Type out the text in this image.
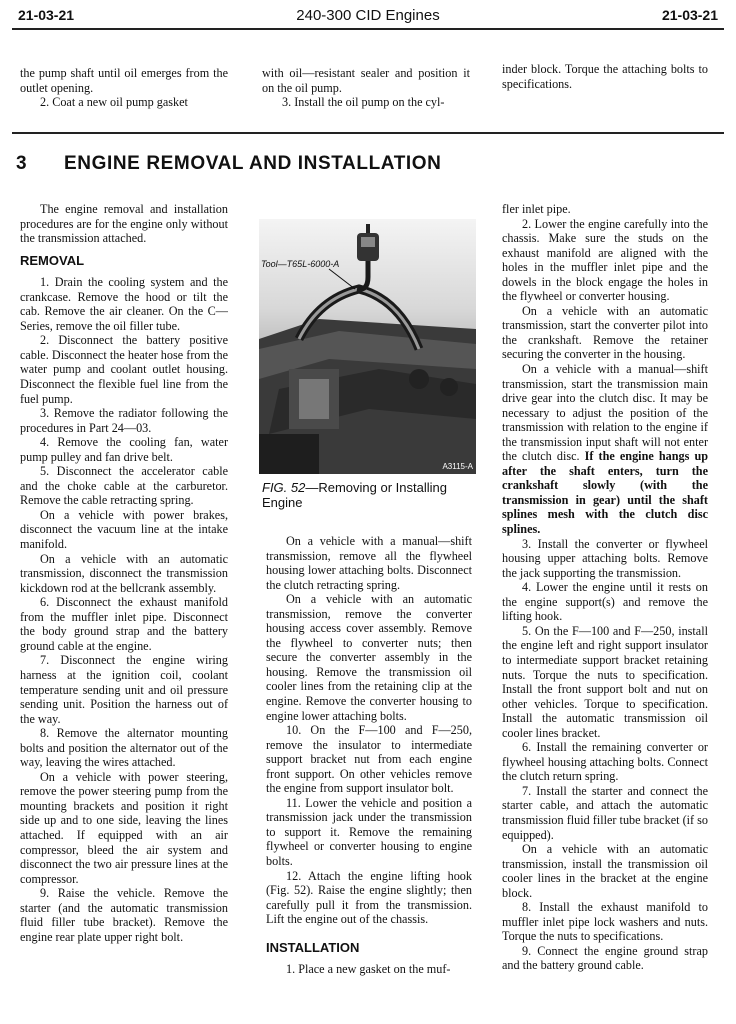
21-03-21	240-300 CID Engines	21-03-21

the pump shaft until oil emerges from the outlet opening.

2. Coat a new oil pump gasket

with oil—resistant sealer and position it on the oil pump.

3. Install the oil pump on the cyl-

inder block. Torque the attaching bolts to specifications.

3 ENGINE REMOVAL AND INSTALLATION

The engine removal and installation procedures are for the engine only without the transmission attached.

REMOVAL

1. Drain the cooling system and the crankcase. Remove the hood or tilt the cab. Remove the air cleaner. On the C—Series, remove the oil filler tube.

2. Disconnect the battery positive cable. Disconnect the heater hose from the water pump and coolant outlet housing. Disconnect the flexible fuel line from the fuel pump.

3. Remove the radiator following the procedures in Part 24—03.

4. Remove the cooling fan, water pump pulley and fan drive belt.

5. Disconnect the accelerator cable and the choke cable at the carburetor. Remove the cable retracting spring.

On a vehicle with power brakes, disconnect the vacuum line at the intake manifold.

On a vehicle with an automatic transmission, disconnect the transmission kickdown rod at the bellcrank assembly.

6. Disconnect the exhaust manifold from the muffler inlet pipe. Disconnect the body ground strap and the battery ground cable at the engine.

7. Disconnect the engine wiring harness at the ignition coil, coolant temperature sending unit and oil pressure sending unit. Position the harness out of the way.

8. Remove the alternator mounting bolts and position the alternator out of the way, leaving the wires attached.

On a vehicle with power steering, remove the power steering pump from the mounting brackets and position it right side up and to one side, leaving the lines attached. If equipped with an air compressor, bleed the air system and disconnect the two air pressure lines at the compressor.

9. Raise the vehicle. Remove the starter (and the automatic transmission fluid filler tube bracket). Remove the engine rear plate upper right bolt.

Tool—T65L-6000-A
A3115-A
FIG. 52—Removing or Installing Engine

On a vehicle with a manual—shift transmission, remove all the flywheel housing lower attaching bolts. Disconnect the clutch retracting spring.

On a vehicle with an automatic transmission, remove the converter housing access cover assembly. Remove the flywheel to converter nuts; then secure the converter assembly in the housing. Remove the transmission oil cooler lines from the retaining clip at the engine. Remove the converter housing to engine lower attaching bolts.

10. On the F—100 and F—250, remove the insulator to intermediate support bracket nut from each engine front support. On other vehicles remove the engine from support insulator bolt.

11. Lower the vehicle and position a transmission jack under the transmission to support it. Remove the remaining flywheel or converter housing to engine bolts.

12. Attach the engine lifting hook (Fig. 52). Raise the engine slightly; then carefully pull it from the transmission. Lift the engine out of the chassis.

INSTALLATION

1. Place a new gasket on the muf-

fler inlet pipe.

2. Lower the engine carefully into the chassis. Make sure the studs on the exhaust manifold are aligned with the holes in the muffler inlet pipe and the dowels in the block engage the holes in the flywheel or converter housing.

On a vehicle with an automatic transmission, start the converter pilot into the crankshaft. Remove the retainer securing the converter in the housing.

On a vehicle with a manual—shift transmission, start the transmission main drive gear into the clutch disc. It may be necessary to adjust the position of the transmission with relation to the engine if the transmission input shaft will not enter the clutch disc. If the engine hangs up after the shaft enters, turn the crankshaft slowly (with the transmission in gear) until the shaft splines mesh with the clutch disc splines.

3. Install the converter or flywheel housing upper attaching bolts. Remove the jack supporting the transmission.

4. Lower the engine until it rests on the engine support(s) and remove the lifting hook.

5. On the F—100 and F—250, install the engine left and right support insulator to intermediate support bracket retaining nuts. Torque the nuts to specification. Install the front support bolt and nut on other vehicles. Torque to specification. Install the automatic transmission oil cooler lines bracket.

6. Install the remaining converter or flywheel housing attaching bolts. Connect the clutch return spring.

7. Install the starter and connect the starter cable, and attach the automatic transmission fluid filler tube bracket (if so equipped).

On a vehicle with an automatic transmission, install the transmission oil cooler lines in the bracket at the engine block.

8. Install the exhaust manifold to muffler inlet pipe lock washers and nuts. Torque the nuts to specifications.

9. Connect the engine ground strap and the battery ground cable.
